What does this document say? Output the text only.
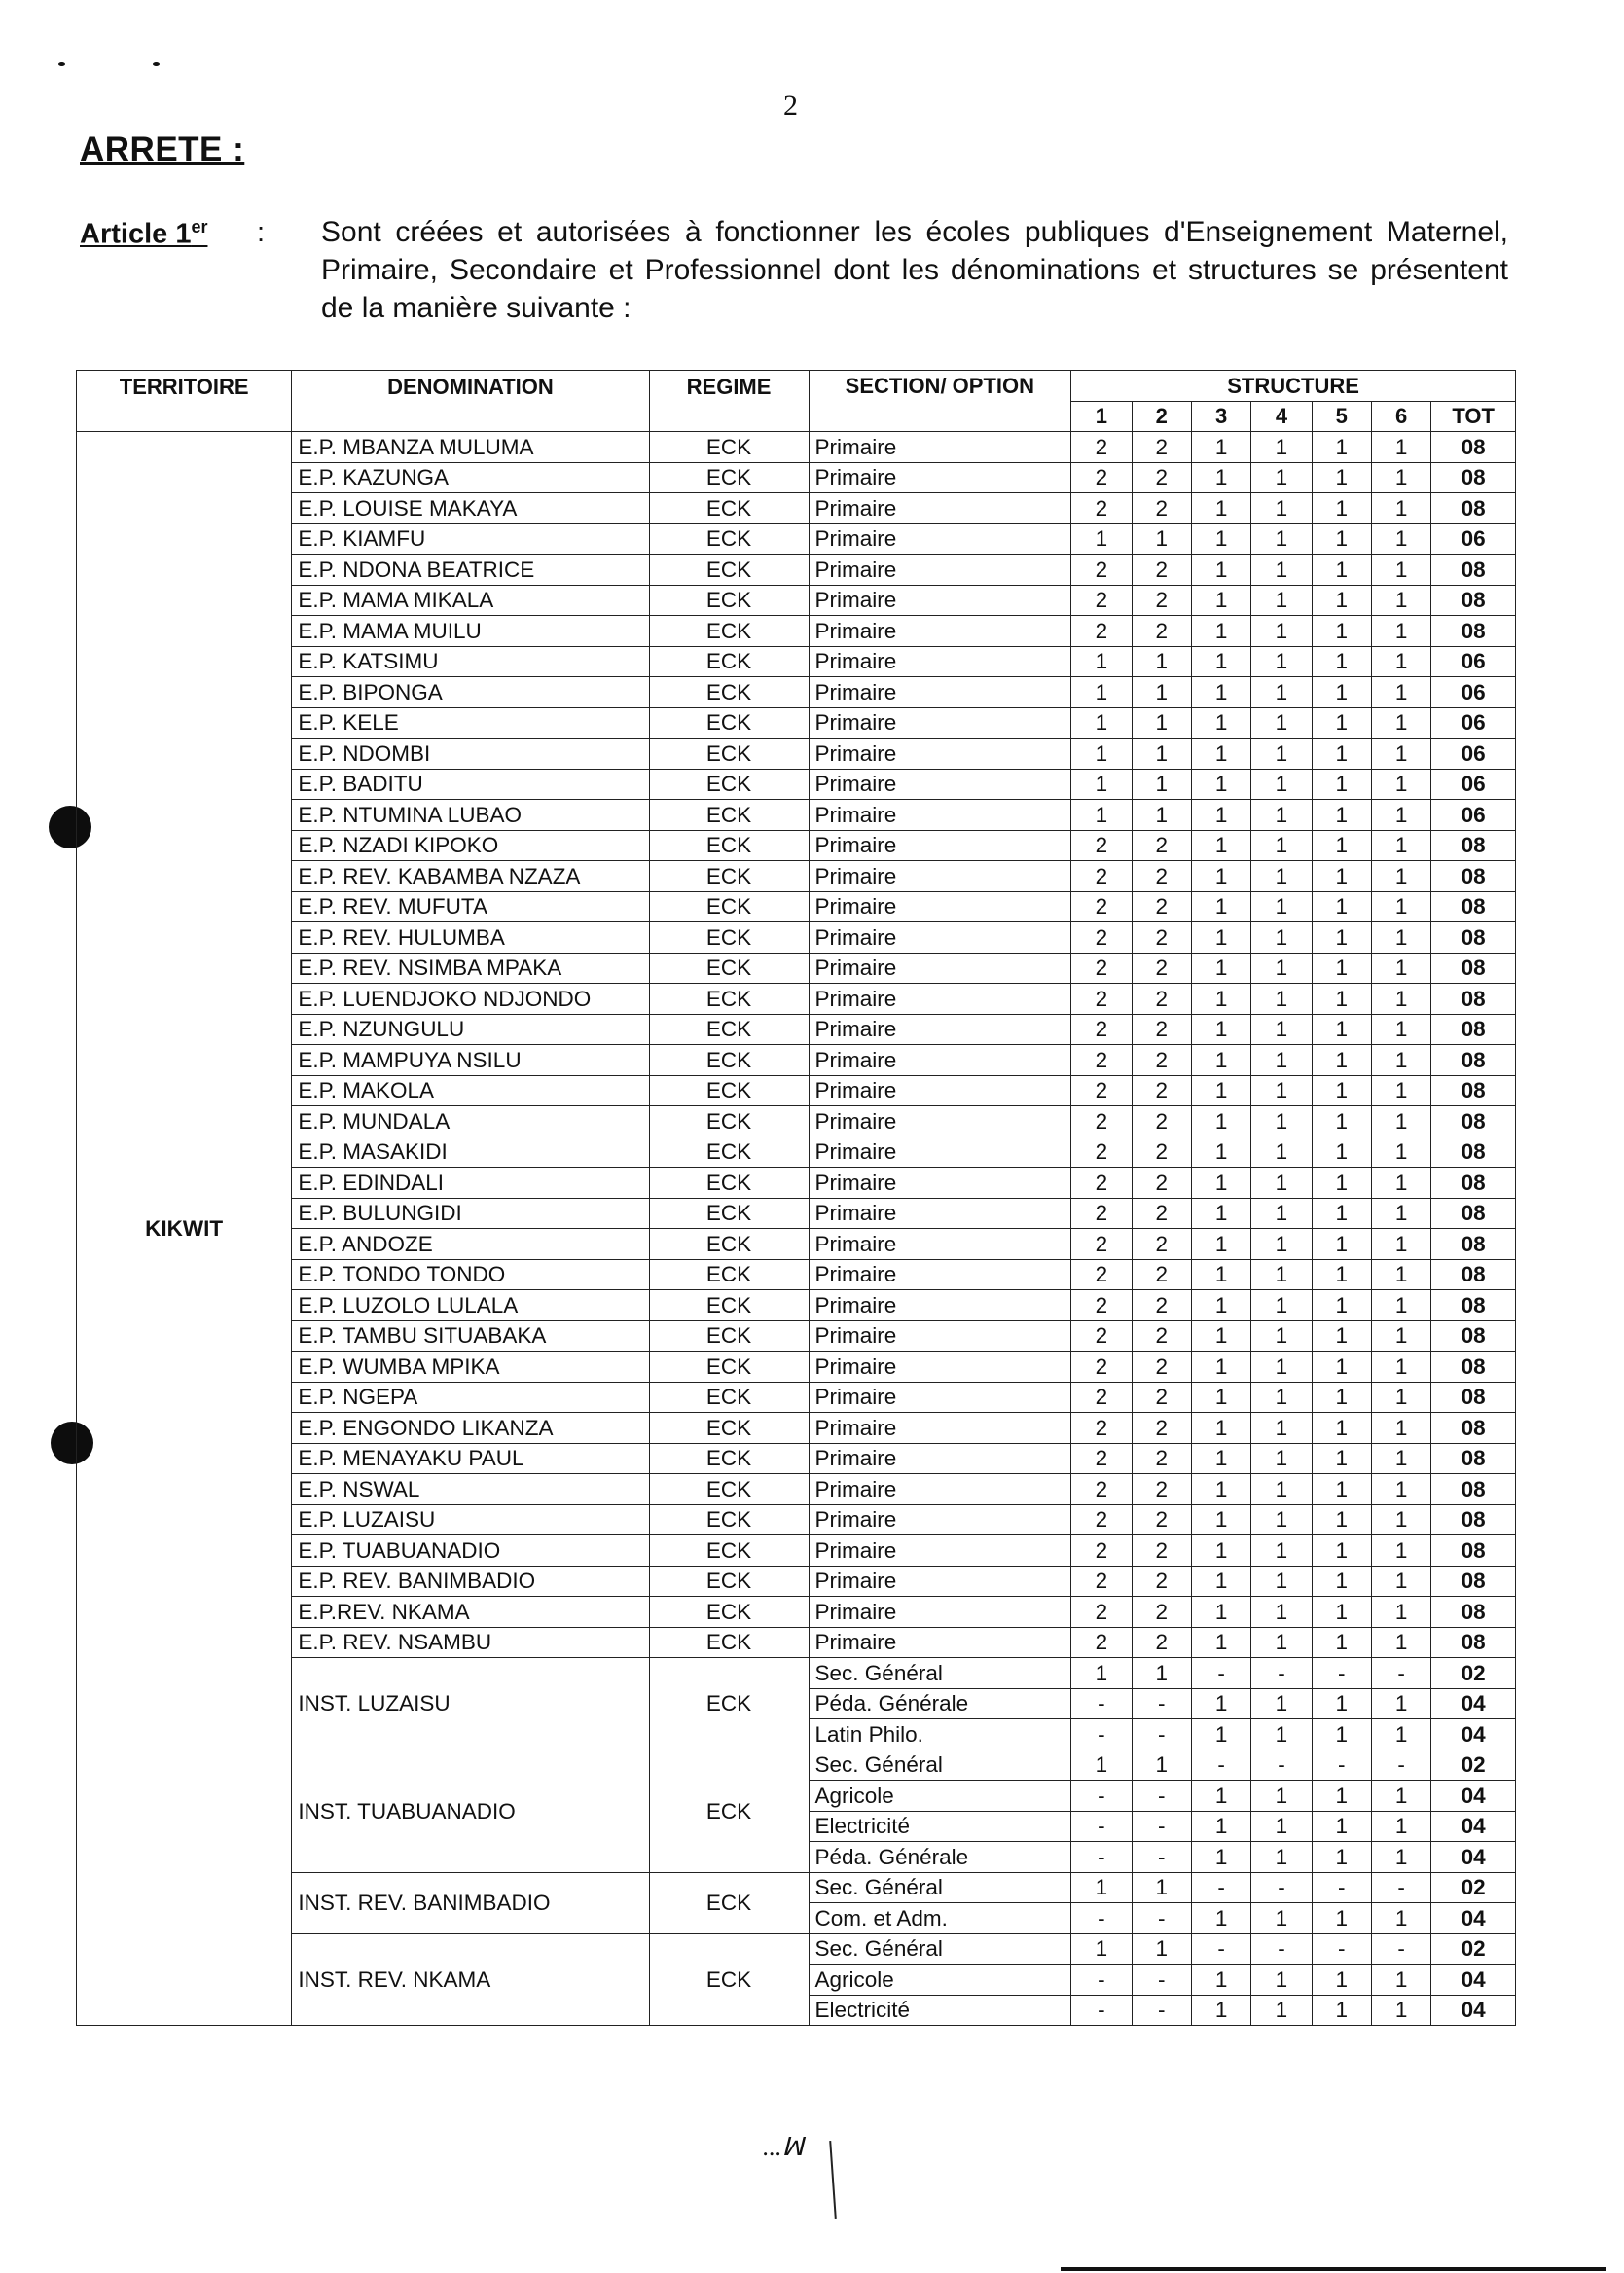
2
ARRETE :
Article 1er : Sont créées et autorisées à fonctionner les écoles publiques d'Enseignement Maternel, Primaire, Secondaire et Professionnel dont les dénominations et structures se présentent de la manière suivante :
TERRITOIRE	DENOMINATION	REGIME	SECTION/ OPTION	STRUCTURE						
				1	2	3	4	5	6	TOT
KIKWIT	E.P. MBANZA MULUMA	ECK	Primaire	2	2	1	1	1	1	08
	E.P. KAZUNGA	ECK	Primaire	2	2	1	1	1	1	08
	E.P. LOUISE MAKAYA	ECK	Primaire	2	2	1	1	1	1	08
	E.P. KIAMFU	ECK	Primaire	1	1	1	1	1	1	06
	E.P. NDONA BEATRICE	ECK	Primaire	2	2	1	1	1	1	08
	E.P. MAMA MIKALA	ECK	Primaire	2	2	1	1	1	1	08
	E.P. MAMA MUILU	ECK	Primaire	2	2	1	1	1	1	08
	E.P. KATSIMU	ECK	Primaire	1	1	1	1	1	1	06
	E.P. BIPONGA	ECK	Primaire	1	1	1	1	1	1	06
	E.P. KELE	ECK	Primaire	1	1	1	1	1	1	06
	E.P. NDOMBI	ECK	Primaire	1	1	1	1	1	1	06
	E.P. BADITU	ECK	Primaire	1	1	1	1	1	1	06
	E.P. NTUMINA LUBAO	ECK	Primaire	1	1	1	1	1	1	06
	E.P. NZADI KIPOKO	ECK	Primaire	2	2	1	1	1	1	08
	E.P. REV. KABAMBA NZAZA	ECK	Primaire	2	2	1	1	1	1	08
	E.P. REV. MUFUTA	ECK	Primaire	2	2	1	1	1	1	08
	E.P. REV. HULUMBA	ECK	Primaire	2	2	1	1	1	1	08
	E.P. REV. NSIMBA MPAKA	ECK	Primaire	2	2	1	1	1	1	08
	E.P. LUENDJOKO NDJONDO	ECK	Primaire	2	2	1	1	1	1	08
	E.P. NZUNGULU	ECK	Primaire	2	2	1	1	1	1	08
	E.P. MAMPUYA NSILU	ECK	Primaire	2	2	1	1	1	1	08
	E.P. MAKOLA	ECK	Primaire	2	2	1	1	1	1	08
	E.P. MUNDALA	ECK	Primaire	2	2	1	1	1	1	08
	E.P. MASAKIDI	ECK	Primaire	2	2	1	1	1	1	08
	E.P. EDINDALI	ECK	Primaire	2	2	1	1	1	1	08
	E.P. BULUNGIDI	ECK	Primaire	2	2	1	1	1	1	08
	E.P. ANDOZE	ECK	Primaire	2	2	1	1	1	1	08
	E.P. TONDO TONDO	ECK	Primaire	2	2	1	1	1	1	08
	E.P. LUZOLO LULALA	ECK	Primaire	2	2	1	1	1	1	08
	E.P. TAMBU SITUABAKA	ECK	Primaire	2	2	1	1	1	1	08
	E.P. WUMBA MPIKA	ECK	Primaire	2	2	1	1	1	1	08
	E.P. NGEPA	ECK	Primaire	2	2	1	1	1	1	08
	E.P. ENGONDO LIKANZA	ECK	Primaire	2	2	1	1	1	1	08
	E.P. MENAYAKU PAUL	ECK	Primaire	2	2	1	1	1	1	08
	E.P. NSWAL	ECK	Primaire	2	2	1	1	1	1	08
	E.P. LUZAISU	ECK	Primaire	2	2	1	1	1	1	08
	E.P. TUABUANADIO	ECK	Primaire	2	2	1	1	1	1	08
	E.P. REV. BANIMBADIO	ECK	Primaire	2	2	1	1	1	1	08
	E.P.REV. NKAMA	ECK	Primaire	2	2	1	1	1	1	08
	E.P. REV. NSAMBU	ECK	Primaire	2	2	1	1	1	1	08
	INST. LUZAISU	ECK	Sec. Général	1	1	-	-	-	-	02
			Péda. Générale	-	-	1	1	1	1	04
			Latin Philo.	-	-	1	1	1	1	04
	INST. TUABUANADIO	ECK	Sec. Général	1	1	-	-	-	-	02
			Agricole	-	-	1	1	1	1	04
			Electricité	-	-	1	1	1	1	04
			Péda. Générale	-	-	1	1	1	1	04
	INST. REV. BANIMBADIO	ECK	Sec. Général	1	1	-	-	-	-	02
			Com. et Adm.	-	-	1	1	1	1	04
	INST. REV. NKAMA	ECK	Sec. Général	1	1	-	-	-	-	02
			Agricole	-	-	1	1	1	1	04
			Electricité	-	-	1	1	1	1	04
...ꟽ
